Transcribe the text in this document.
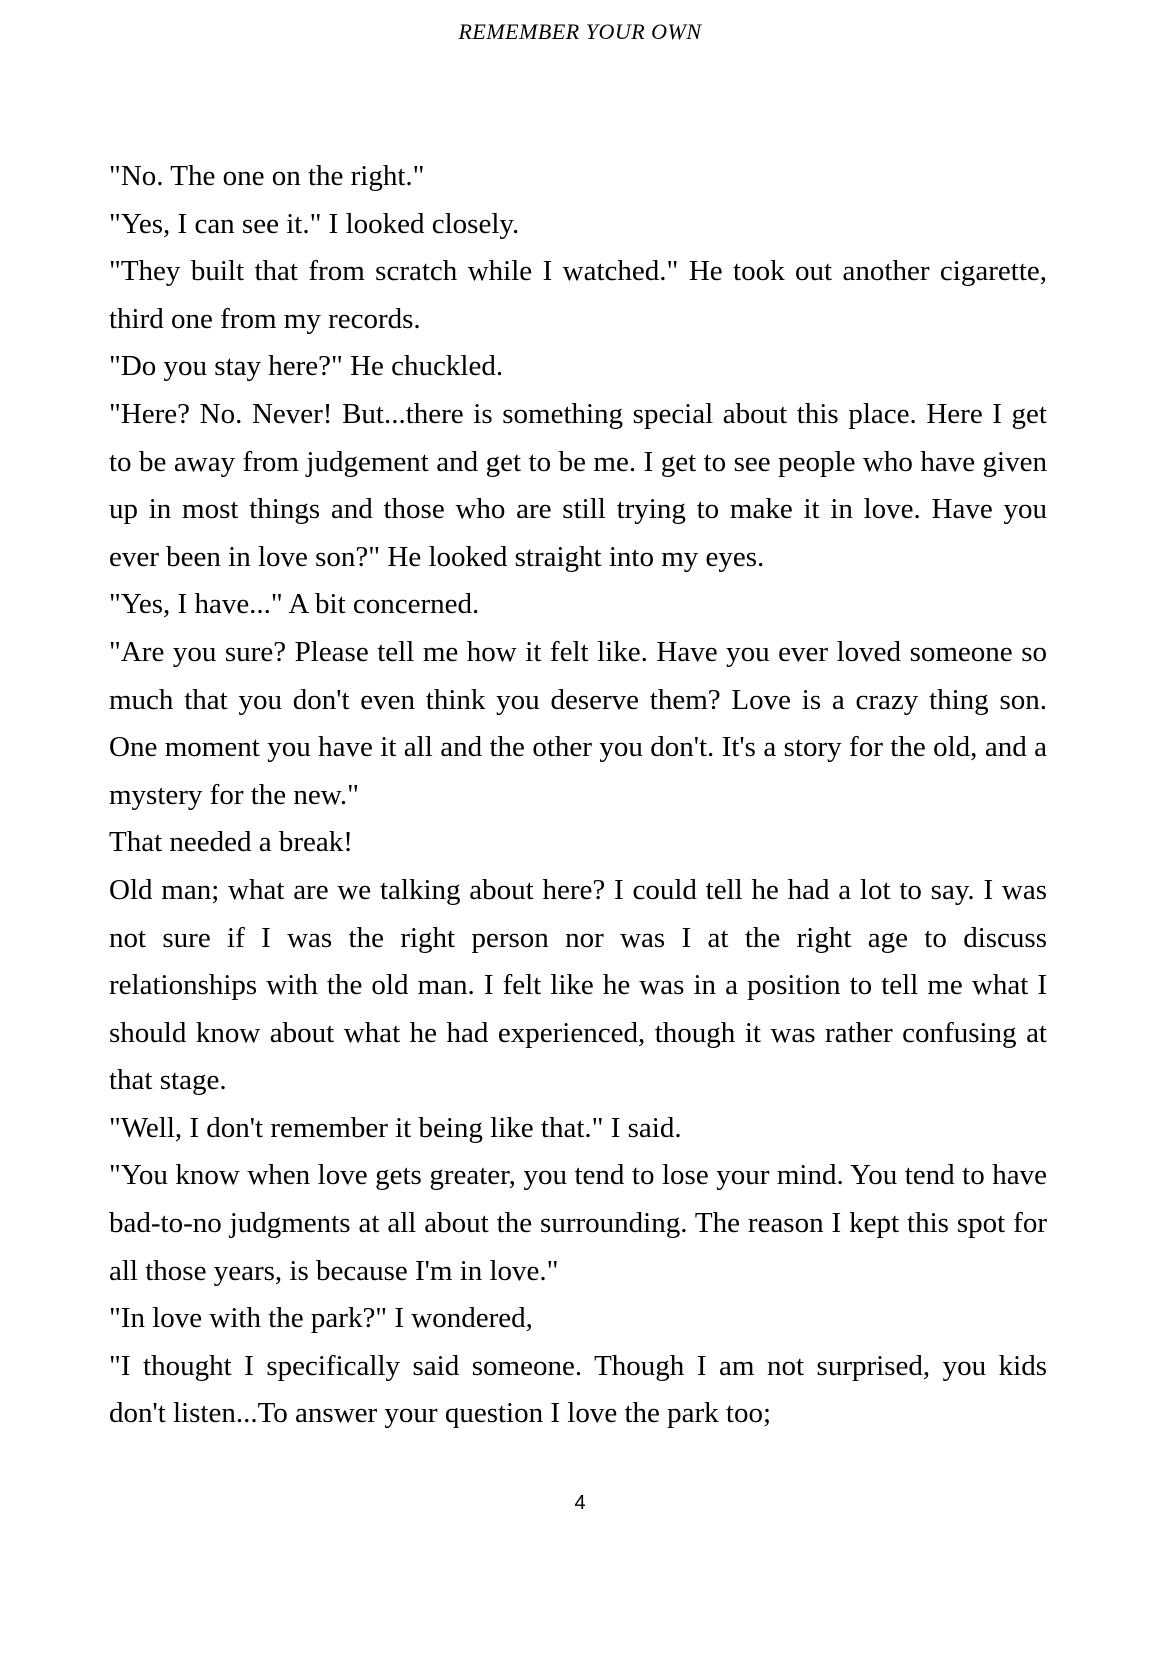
REMEMBER YOUR OWN

"No. The one on the right."

"Yes, I can see it." I looked closely.

"They built that from scratch while I watched." He took out another cigarette, third one from my records.

"Do you stay here?" He chuckled.

"Here? No. Never! But...there is something special about this place. Here I get to be away from judgement and get to be me. I get to see people who have given up in most things and those who are still trying to make it in love. Have you ever been in love son?" He looked straight into my eyes.

"Yes, I have..." A bit concerned.

"Are you sure? Please tell me how it felt like. Have you ever loved someone so much that you don't even think you deserve them? Love is a crazy thing son. One moment you have it all and the other you don't. It's a story for the old, and a mystery for the new."

That needed a break!

Old man; what are we talking about here? I could tell he had a lot to say. I was not sure if I was the right person nor was I at the right age to discuss relationships with the old man. I felt like he was in a position to tell me what I should know about what he had experienced, though it was rather confusing at that stage.

"Well, I don't remember it being like that." I said.

"You know when love gets greater, you tend to lose your mind. You tend to have bad-to-no judgments at all about the surrounding. The reason I kept this spot for all those years, is because I'm in love."

"In love with the park?" I wondered,

"I thought I specifically said someone. Though I am not surprised, you kids don't listen...To answer your question I love the park too;

4
